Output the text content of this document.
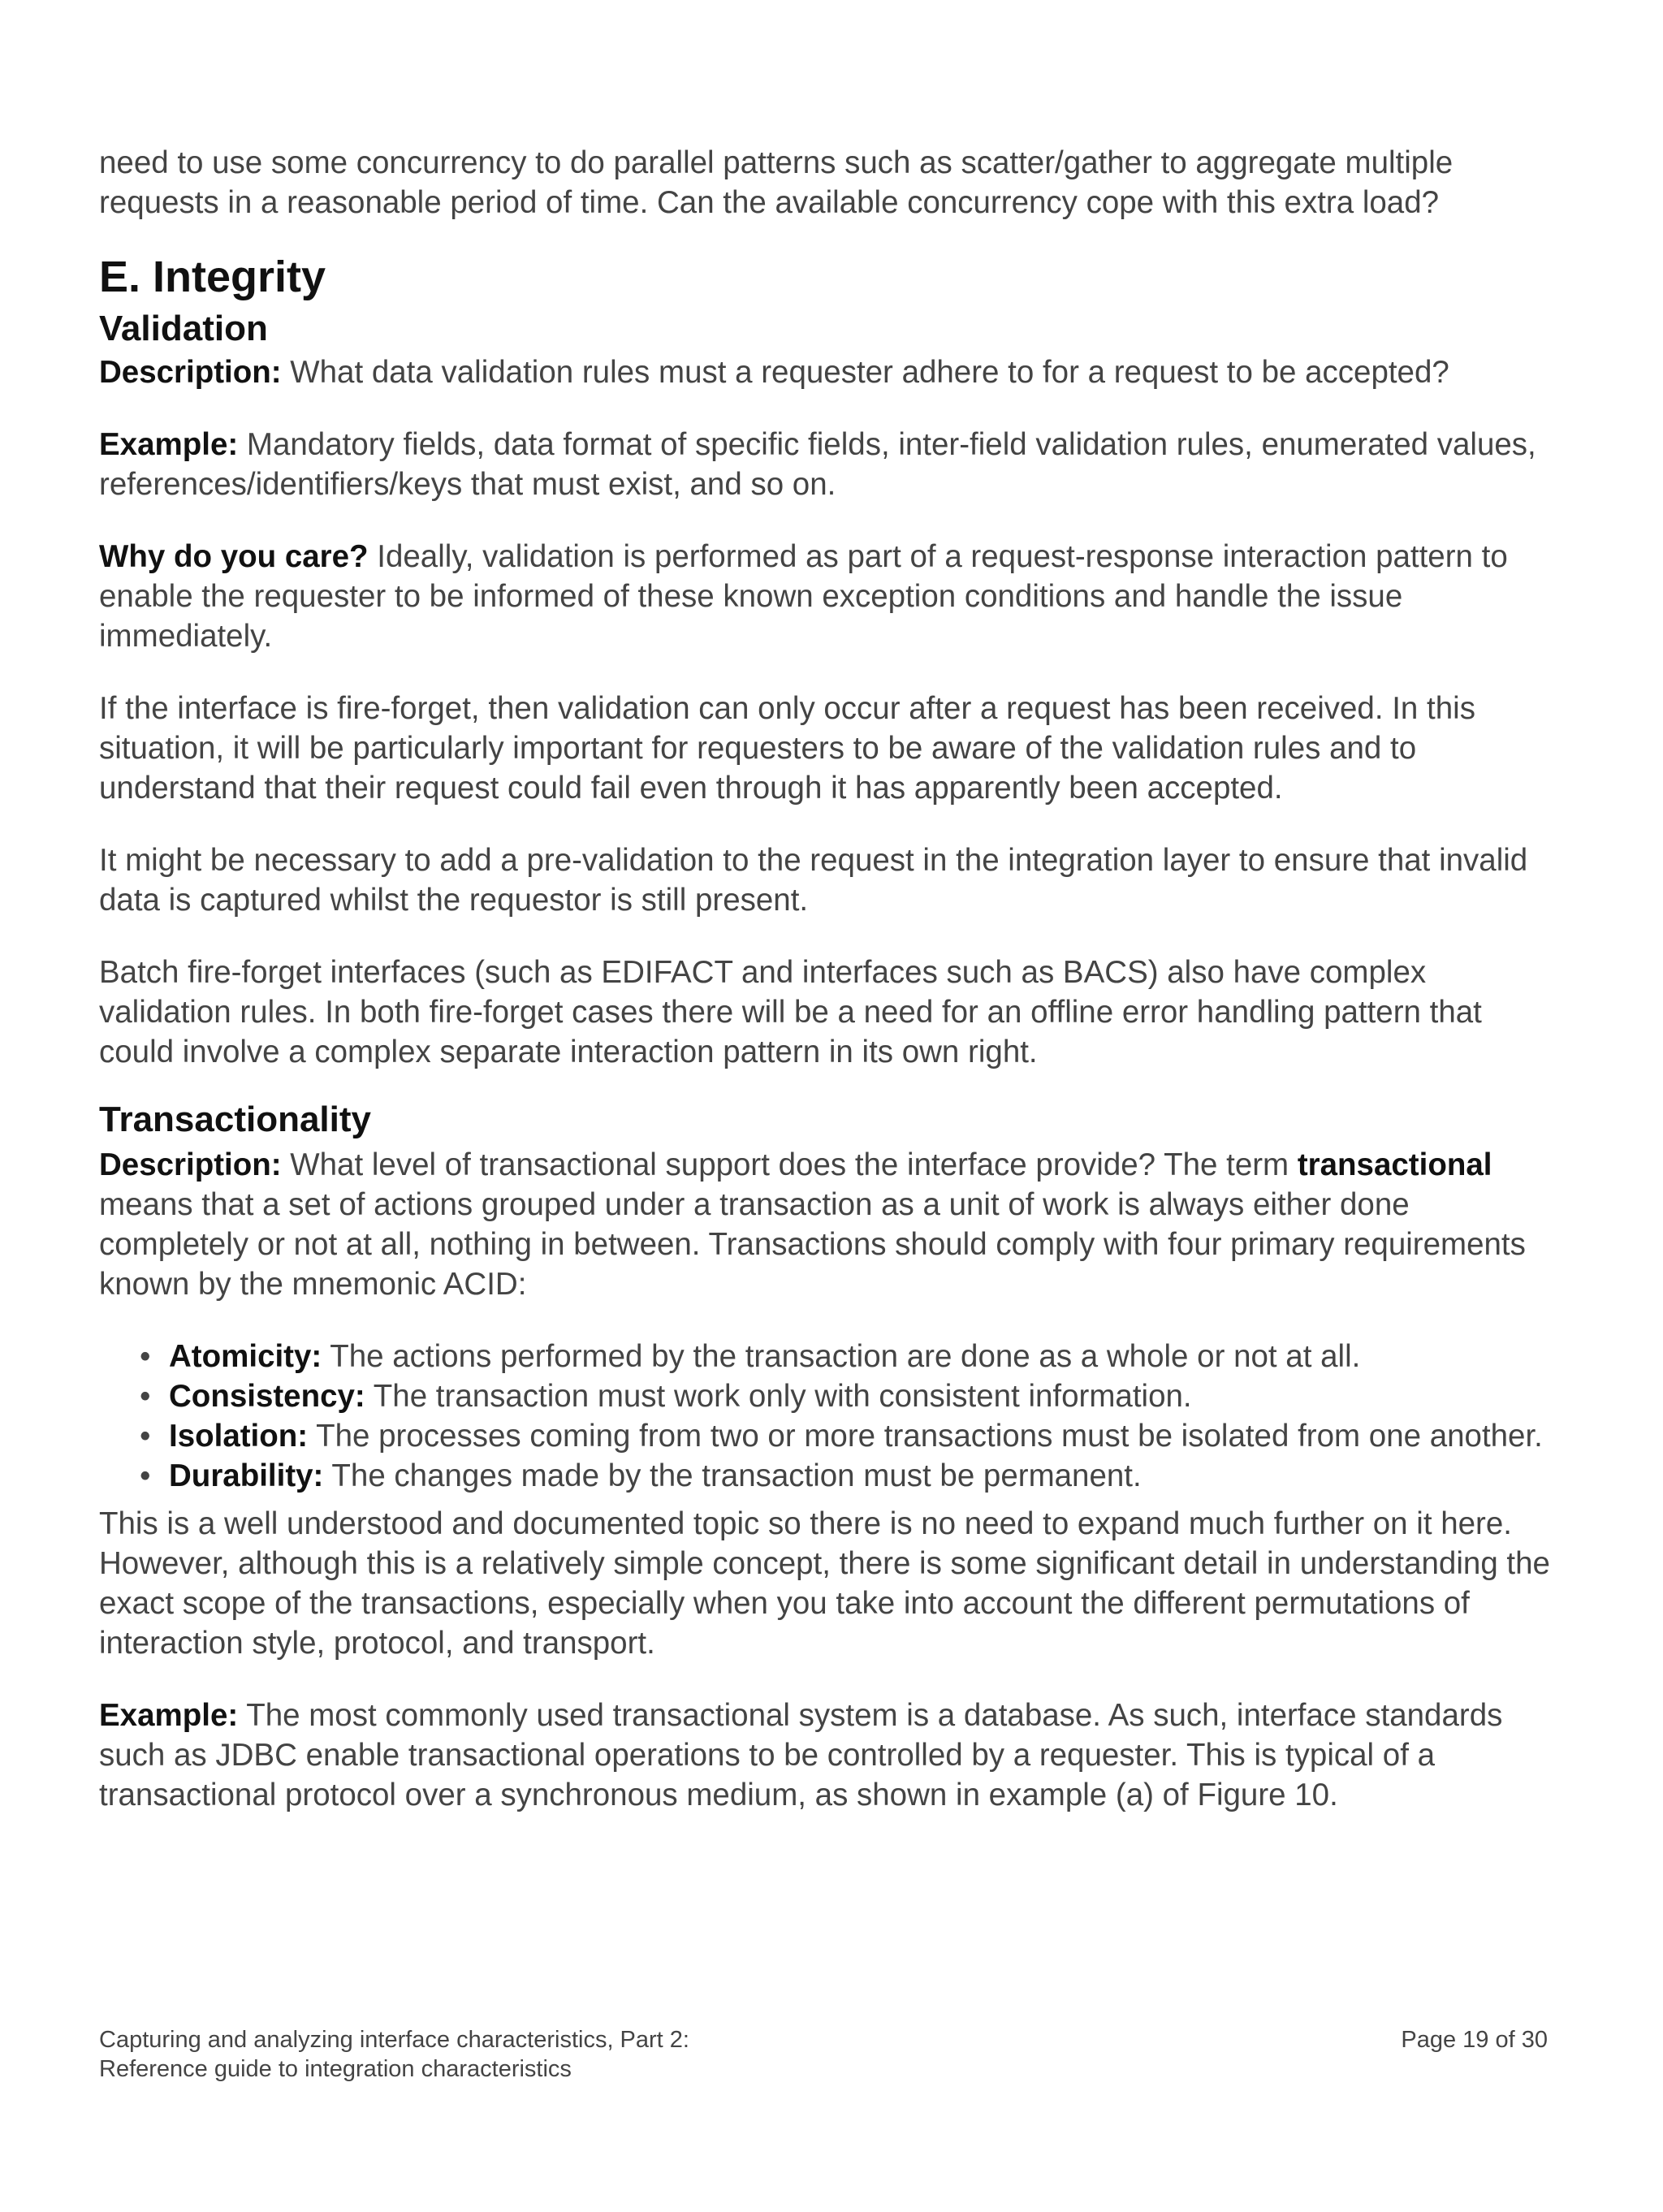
need to use some concurrency to do parallel patterns such as scatter/gather to aggregate multiple requests in a reasonable period of time. Can the available concurrency cope with this extra load?

E. Integrity
Validation

Description: What data validation rules must a requester adhere to for a request to be accepted?

Example: Mandatory fields, data format of specific fields, inter-field validation rules, enumerated values, references/identifiers/keys that must exist, and so on.

Why do you care? Ideally, validation is performed as part of a request-response interaction pattern to enable the requester to be informed of these known exception conditions and handle the issue immediately.

If the interface is fire-forget, then validation can only occur after a request has been received. In this situation, it will be particularly important for requesters to be aware of the validation rules and to understand that their request could fail even through it has apparently been accepted.

It might be necessary to add a pre-validation to the request in the integration layer to ensure that invalid data is captured whilst the requestor is still present.

Batch fire-forget interfaces (such as EDIFACT and interfaces such as BACS) also have complex validation rules. In both fire-forget cases there will be a need for an offline error handling pattern that could involve a complex separate interaction pattern in its own right.

Transactionality

Description: What level of transactional support does the interface provide? The term transactional means that a set of actions grouped under a transaction as a unit of work is always either done completely or not at all, nothing in between. Transactions should comply with four primary requirements known by the mnemonic ACID:

• Atomicity: The actions performed by the transaction are done as a whole or not at all.
• Consistency: The transaction must work only with consistent information.
• Isolation: The processes coming from two or more transactions must be isolated from one another.
• Durability: The changes made by the transaction must be permanent.

This is a well understood and documented topic so there is no need to expand much further on it here. However, although this is a relatively simple concept, there is some significant detail in understanding the exact scope of the transactions, especially when you take into account the different permutations of interaction style, protocol, and transport.

Example: The most commonly used transactional system is a database. As such, interface standards such as JDBC enable transactional operations to be controlled by a requester. This is typical of a transactional protocol over a synchronous medium, as shown in example (a) of Figure 10.

Capturing and analyzing interface characteristics, Part 2:
Reference guide to integration characteristics
Page 19 of 30
